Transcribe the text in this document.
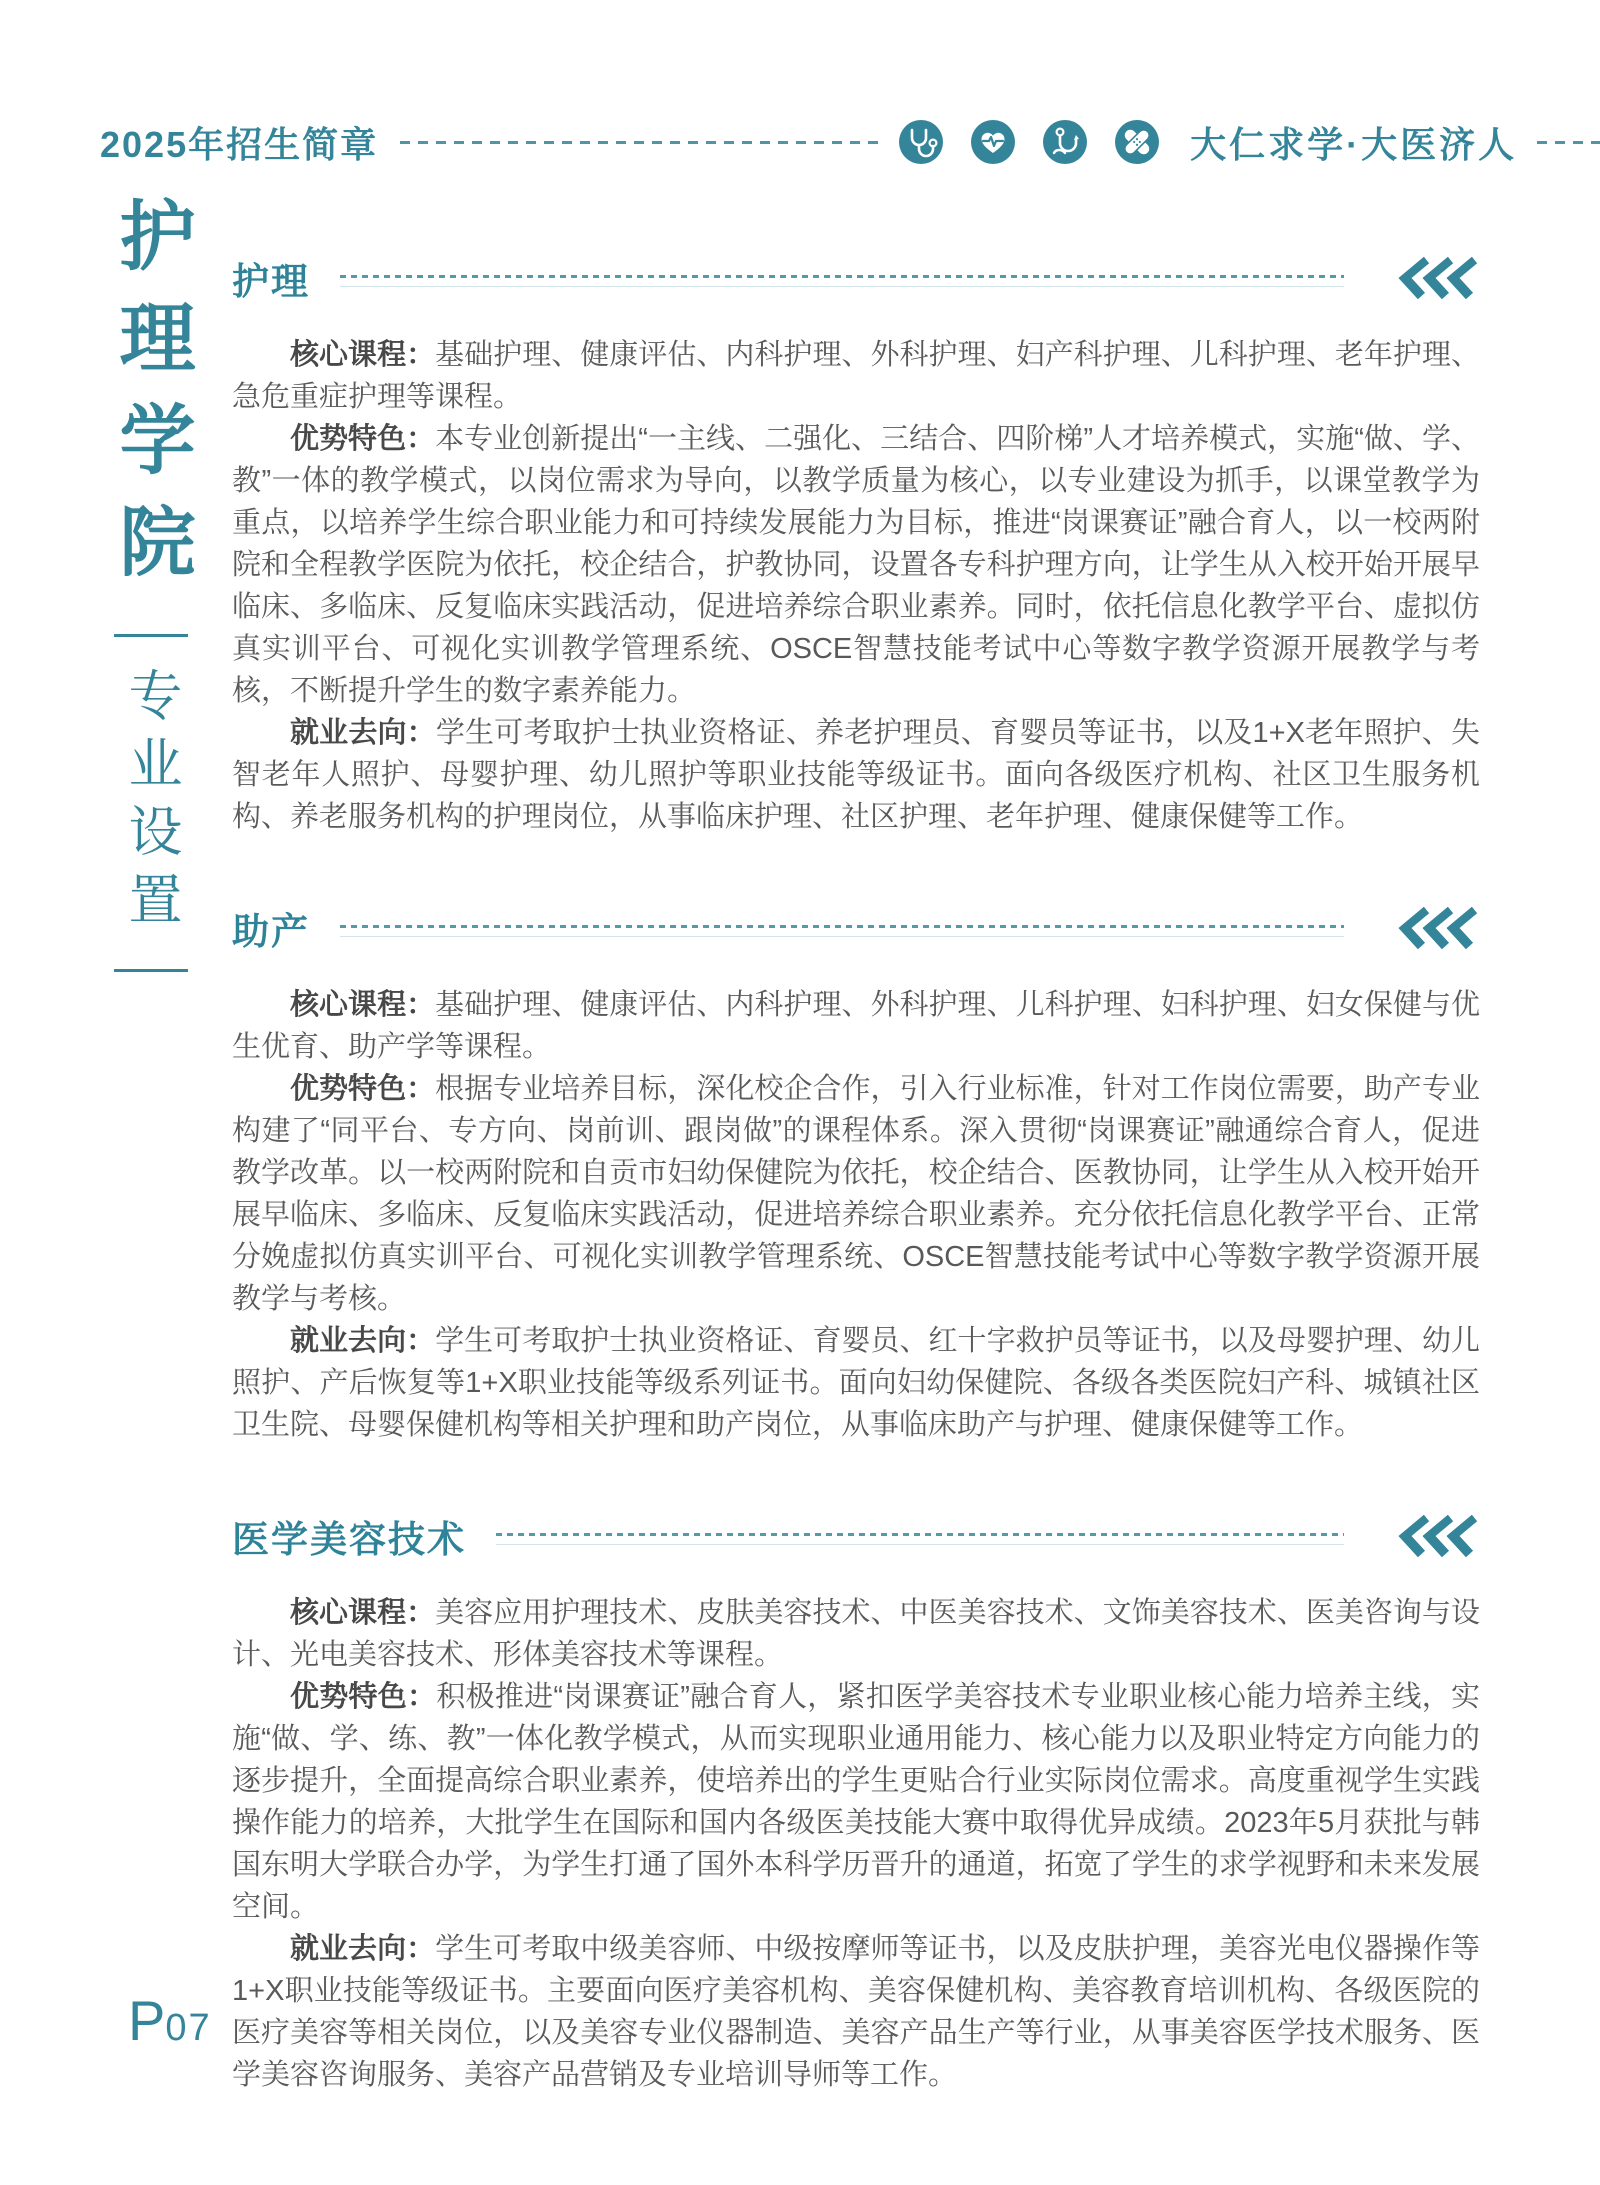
2025年招生简章	大仁求学·大医济人
护理学院
专业设置
护理

核心课程：基础护理、健康评估、内科护理、外科护理、妇产科护理、儿科护理、老年护理、急危重症护理等课程。

优势特色：本专业创新提出“一主线、二强化、三结合、四阶梯”人才培养模式，实施“做、学、教”一体的教学模式，以岗位需求为导向，以教学质量为核心，以专业建设为抓手，以课堂教学为重点，以培养学生综合职业能力和可持续发展能力为目标，推进“岗课赛证”融合育人，以一校两附院和全程教学医院为依托，校企结合，护教协同，设置各专科护理方向，让学生从入校开始开展早临床、多临床、反复临床实践活动，促进培养综合职业素养。同时，依托信息化教学平台、虚拟仿真实训平台、可视化实训教学管理系统、OSCE智慧技能考试中心等数字教学资源开展教学与考核，不断提升学生的数字素养能力。

就业去向：学生可考取护士执业资格证、养老护理员、育婴员等证书，以及1+X老年照护、失智老年人照护、母婴护理、幼儿照护等职业技能等级证书。面向各级医疗机构、社区卫生服务机构、养老服务机构的护理岗位，从事临床护理、社区护理、老年护理、健康保健等工作。

助产

核心课程：基础护理、健康评估、内科护理、外科护理、儿科护理、妇科护理、妇女保健与优生优育、助产学等课程。

优势特色：根据专业培养目标，深化校企合作，引入行业标准，针对工作岗位需要，助产专业构建了“同平台、专方向、岗前训、跟岗做”的课程体系。深入贯彻“岗课赛证”融通综合育人，促进教学改革。以一校两附院和自贡市妇幼保健院为依托，校企结合、医教协同，让学生从入校开始开展早临床、多临床、反复临床实践活动，促进培养综合职业素养。充分依托信息化教学平台、正常分娩虚拟仿真实训平台、可视化实训教学管理系统、OSCE智慧技能考试中心等数字教学资源开展教学与考核。

就业去向：学生可考取护士执业资格证、育婴员、红十字救护员等证书，以及母婴护理、幼儿照护、产后恢复等1+X职业技能等级系列证书。面向妇幼保健院、各级各类医院妇产科、城镇社区卫生院、母婴保健机构等相关护理和助产岗位，从事临床助产与护理、健康保健等工作。

医学美容技术

核心课程：美容应用护理技术、皮肤美容技术、中医美容技术、文饰美容技术、医美咨询与设计、光电美容技术、形体美容技术等课程。

优势特色：积极推进“岗课赛证”融合育人，紧扣医学美容技术专业职业核心能力培养主线，实施“做、学、练、教”一体化教学模式，从而实现职业通用能力、核心能力以及职业特定方向能力的逐步提升，全面提高综合职业素养，使培养出的学生更贴合行业实际岗位需求。高度重视学生实践操作能力的培养，大批学生在国际和国内各级医美技能大赛中取得优异成绩。2023年5月获批与韩国东明大学联合办学，为学生打通了国外本科学历晋升的通道，拓宽了学生的求学视野和未来发展空间。

就业去向：学生可考取中级美容师、中级按摩师等证书，以及皮肤护理，美容光电仪器操作等1+X职业技能等级证书。主要面向医疗美容机构、美容保健机构、美容教育培训机构、各级医院的医疗美容等相关岗位，以及美容专业仪器制造、美容产品生产等行业，从事美容医学技术服务、医学美容咨询服务、美容产品营销及专业培训导师等工作。

P07
